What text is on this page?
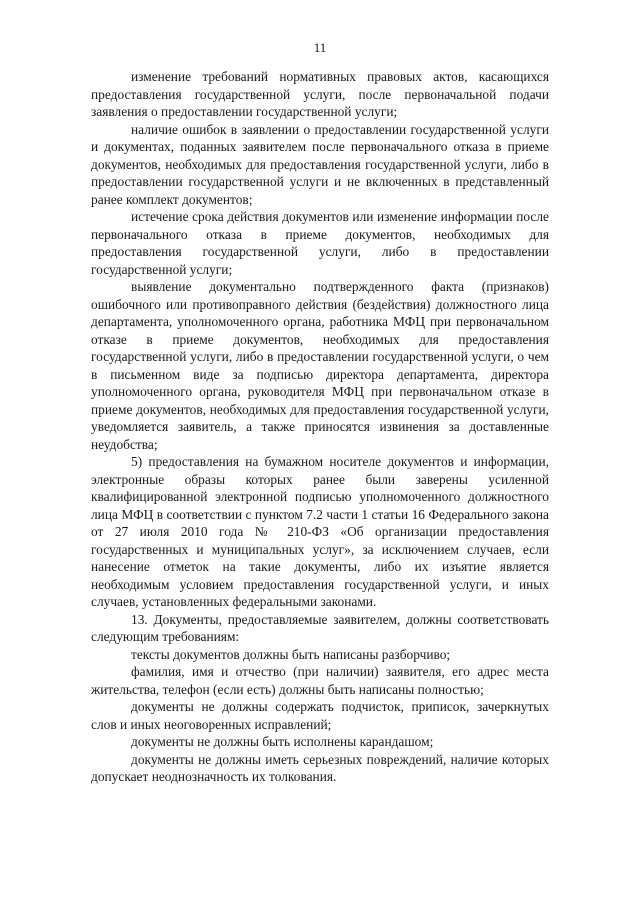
11

изменение требований нормативных правовых актов, касающихся предоставления государственной услуги, после первоначальной подачи заявления о предоставлении государственной услуги;

наличие ошибок в заявлении о предоставлении государственной услуги и документах, поданных заявителем после первоначального отказа в приеме документов, необходимых для предоставления государственной услуги, либо в предоставлении государственной услуги и не включенных в представленный ранее комплект документов;

истечение срока действия документов или изменение информации после первоначального отказа в приеме документов, необходимых для предоставления государственной услуги, либо в предоставлении государственной услуги;

выявление документально подтвержденного факта (признаков) ошибочного или противоправного действия (бездействия) должностного лица департамента, уполномоченного органа, работника МФЦ при первоначальном отказе в приеме документов, необходимых для предоставления государственной услуги, либо в предоставлении государственной услуги, о чем в письменном виде за подписью директора департамента, директора уполномоченного органа, руководителя МФЦ при первоначальном отказе в приеме документов, необходимых для предоставления государственной услуги, уведомляется заявитель, а также приносятся извинения за доставленные неудобства;

5) предоставления на бумажном носителе документов и информации, электронные образы которых ранее были заверены усиленной квалифицированной электронной подписью уполномоченного должностного лица МФЦ в соответствии с пунктом 7.2 части 1 статьи 16 Федерального закона от 27 июля 2010 года № 210-ФЗ «Об организации предоставления государственных и муниципальных услуг», за исключением случаев, если нанесение отметок на такие документы, либо их изъятие является необходимым условием предоставления государственной услуги, и иных случаев, установленных федеральными законами.

13. Документы, предоставляемые заявителем, должны соответствовать следующим требованиям:

тексты документов должны быть написаны разборчиво;

фамилия, имя и отчество (при наличии) заявителя, его адрес места жительства, телефон (если есть) должны быть написаны полностью;

документы не должны содержать подчисток, приписок, зачеркнутых слов и иных неоговоренных исправлений;

документы не должны быть исполнены карандашом;

документы не должны иметь серьезных повреждений, наличие которых допускает неоднозначность их толкования.
